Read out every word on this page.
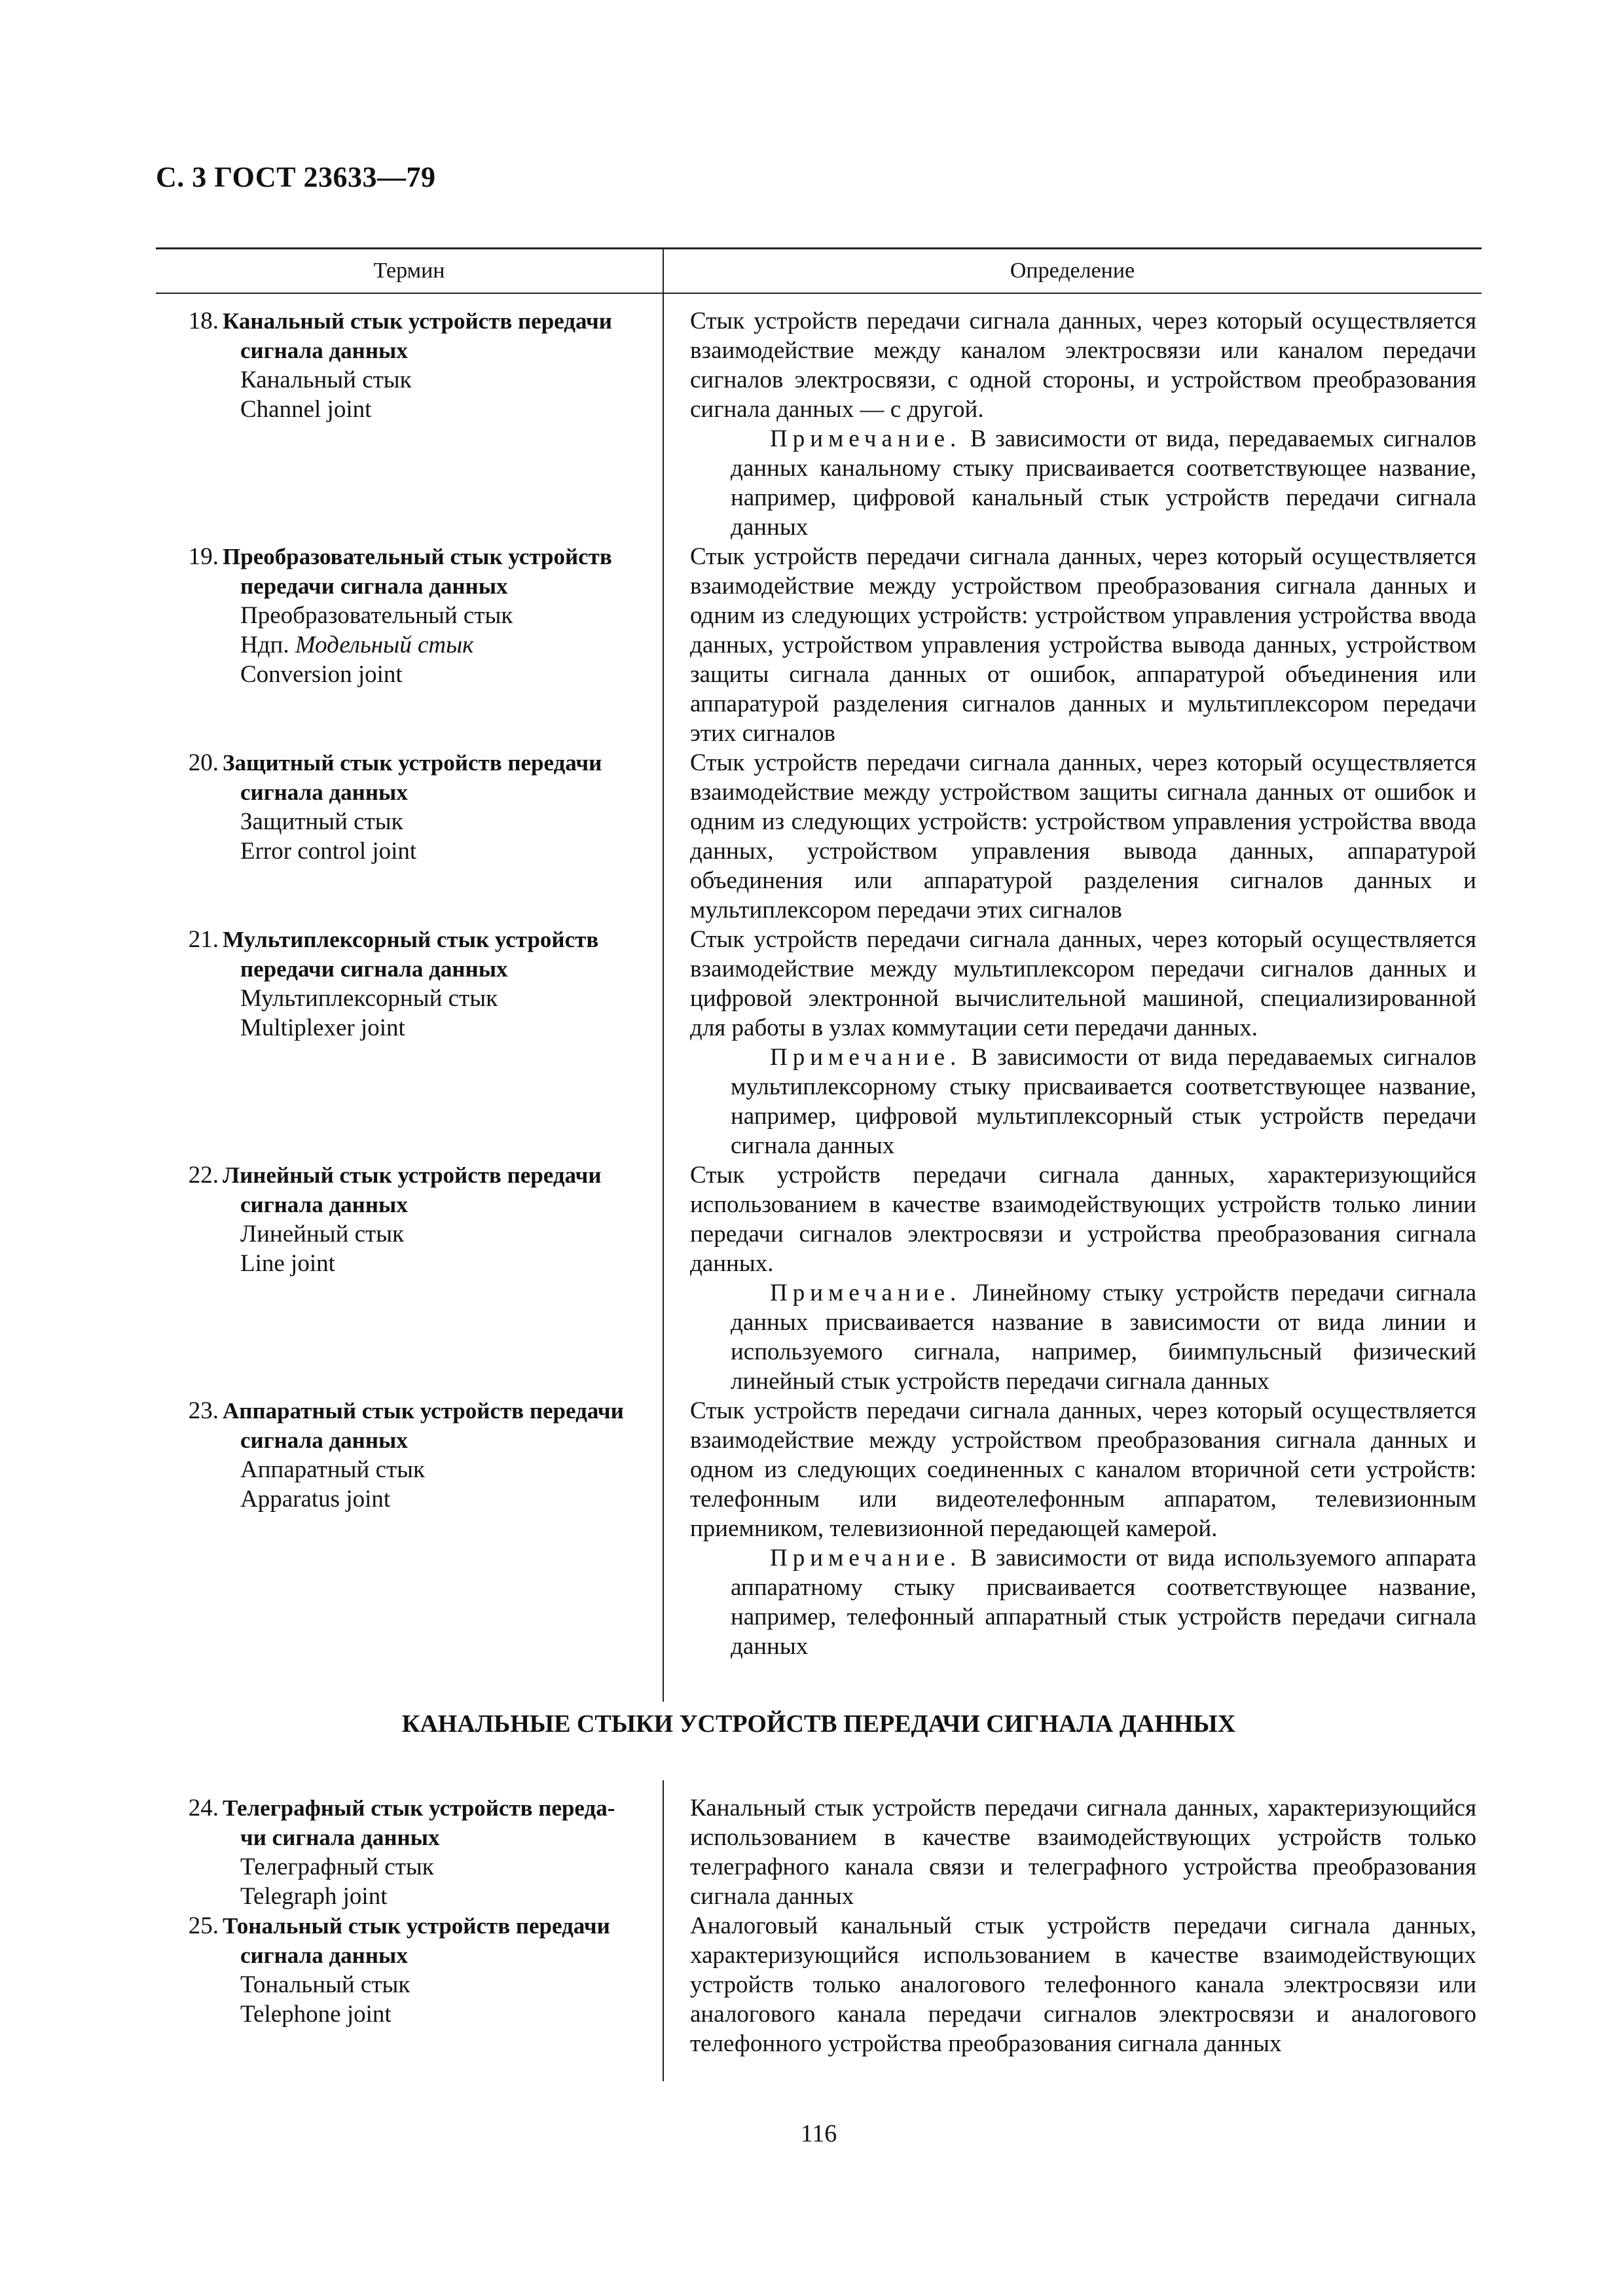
С. 3 ГОСТ 23633—79
Термин	Определение
18. Канальный стык устройств передачи
сигнала данных
Канальный стык
Channel joint
Стык устройств передачи сигнала данных, через который осуществляется взаимодействие между каналом электросвязи или каналом передачи сигналов электросвязи, с одной стороны, и устройством преобразования сигнала данных — с другой.
Примечание. В зависимости от вида, передаваемых сигналов данных канальному стыку присваивается соответствующее название, например, цифровой канальный стык устройств передачи сигнала данных
19. Преобразовательный стык устройств
передачи сигнала данных
Преобразовательный стык
Ндп. Модельный стык
Conversion joint
Стык устройств передачи сигнала данных, через который осуществляется взаимодействие между устройством преобразования сигнала данных и одним из следующих устройств: устройством управления устройства ввода данных, устройством управления устройства вывода данных, устройством защиты сигнала данных от ошибок, аппаратурой объединения или аппаратурой разделения сигналов данных и мультиплексором передачи этих сигналов
20. Защитный стык устройств передачи
сигнала данных
Защитный стык
Error control joint
Стык устройств передачи сигнала данных, через который осуществляется взаимодействие между устройством защиты сигнала данных от ошибок и одним из следующих устройств: устройством управления устройства ввода данных, устройством управления вывода данных, аппаратурой объединения или аппаратурой разделения сигналов данных и мультиплексором передачи этих сигналов
21. Мультиплексорный стык устройств
передачи сигнала данных
Мультиплексорный стык
Multiplexer joint
Стык устройств передачи сигнала данных, через который осуществляется взаимодействие между мультиплексором передачи сигналов данных и цифровой электронной вычислительной машиной, специализированной для работы в узлах коммутации сети передачи данных.
Примечание. В зависимости от вида передаваемых сигналов мультиплексорному стыку присваивается соответствующее название, например, цифровой мультиплексорный стык устройств передачи сигнала данных
22. Линейный стык устройств передачи
сигнала данных
Линейный стык
Line joint
Стык устройств передачи сигнала данных, характеризующийся использованием в качестве взаимодействующих устройств только линии передачи сигналов электросвязи и устройства преобразования сигнала данных.
Примечание. Линейному стыку устройств передачи сигнала данных присваивается название в зависимости от вида линии и используемого сигнала, например, биимпульсный физический линейный стык устройств передачи сигнала данных
23. Аппаратный стык устройств передачи
сигнала данных
Аппаратный стык
Apparatus joint
Стык устройств передачи сигнала данных, через который осуществляется взаимодействие между устройством преобразования сигнала данных и одном из следующих соединенных с каналом вторичной сети устройств: телефонным или видеотелефонным аппаратом, телевизионным приемником, телевизионной передающей камерой.
Примечание. В зависимости от вида используемого аппарата аппаратному стыку присваивается соответствующее название, например, телефонный аппаратный стык устройств передачи сигнала данных
КАНАЛЬНЫЕ СТЫКИ УСТРОЙСТВ ПЕРЕДАЧИ СИГНАЛА ДАННЫХ
24. Телеграфный стык устройств переда-
чи сигнала данных
Телеграфный стык
Telegraph joint
Канальный стык устройств передачи сигнала данных, характеризующийся использованием в качестве взаимодействующих устройств только телеграфного канала связи и телеграфного устройства преобразования сигнала данных
25. Тональный стык устройств передачи
сигнала данных
Тональный стык
Telephone joint
Аналоговый канальный стык устройств передачи сигнала данных, характеризующийся использованием в качестве взаимодействующих устройств только аналогового телефонного канала электросвязи или аналогового канала передачи сигналов электросвязи и аналогового телефонного устройства преобразования сигнала данных
116
